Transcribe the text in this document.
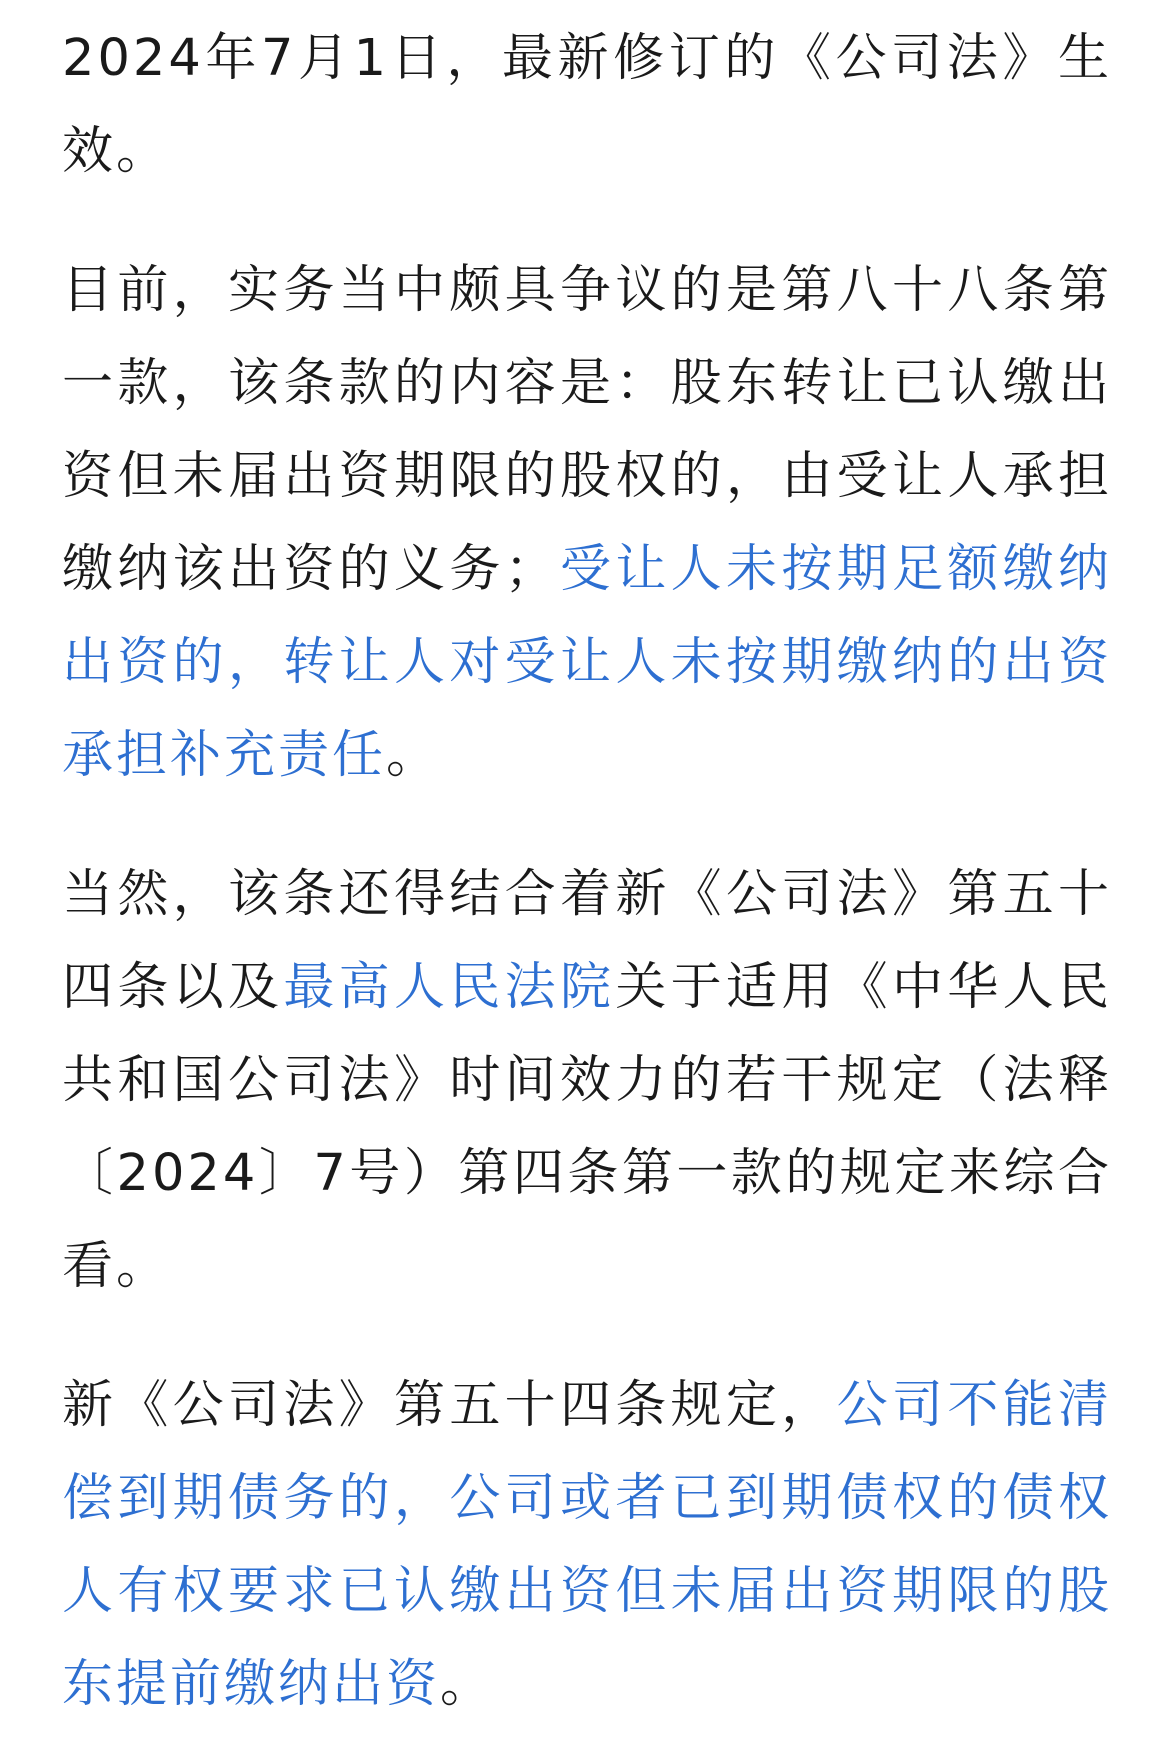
2024年7月1日，最新修订的《公司法》生效。

目前，实务当中颇具争议的是第八十八条第一款，该条款的内容是：股东转让已认缴出资但未届出资期限的股权的，由受让人承担缴纳该出资的义务；受让人未按期足额缴纳出资的，转让人对受让人未按期缴纳的出资承担补充责任。

当然，该条还得结合着新《公司法》第五十四条以及最高人民法院关于适用《中华人民共和国公司法》时间效力的若干规定（法释〔2024〕7号）第四条第一款的规定来综合看。

新《公司法》第五十四条规定，公司不能清偿到期债务的，公司或者已到期债权的债权人有权要求已认缴出资但未届出资期限的股东提前缴纳出资。
